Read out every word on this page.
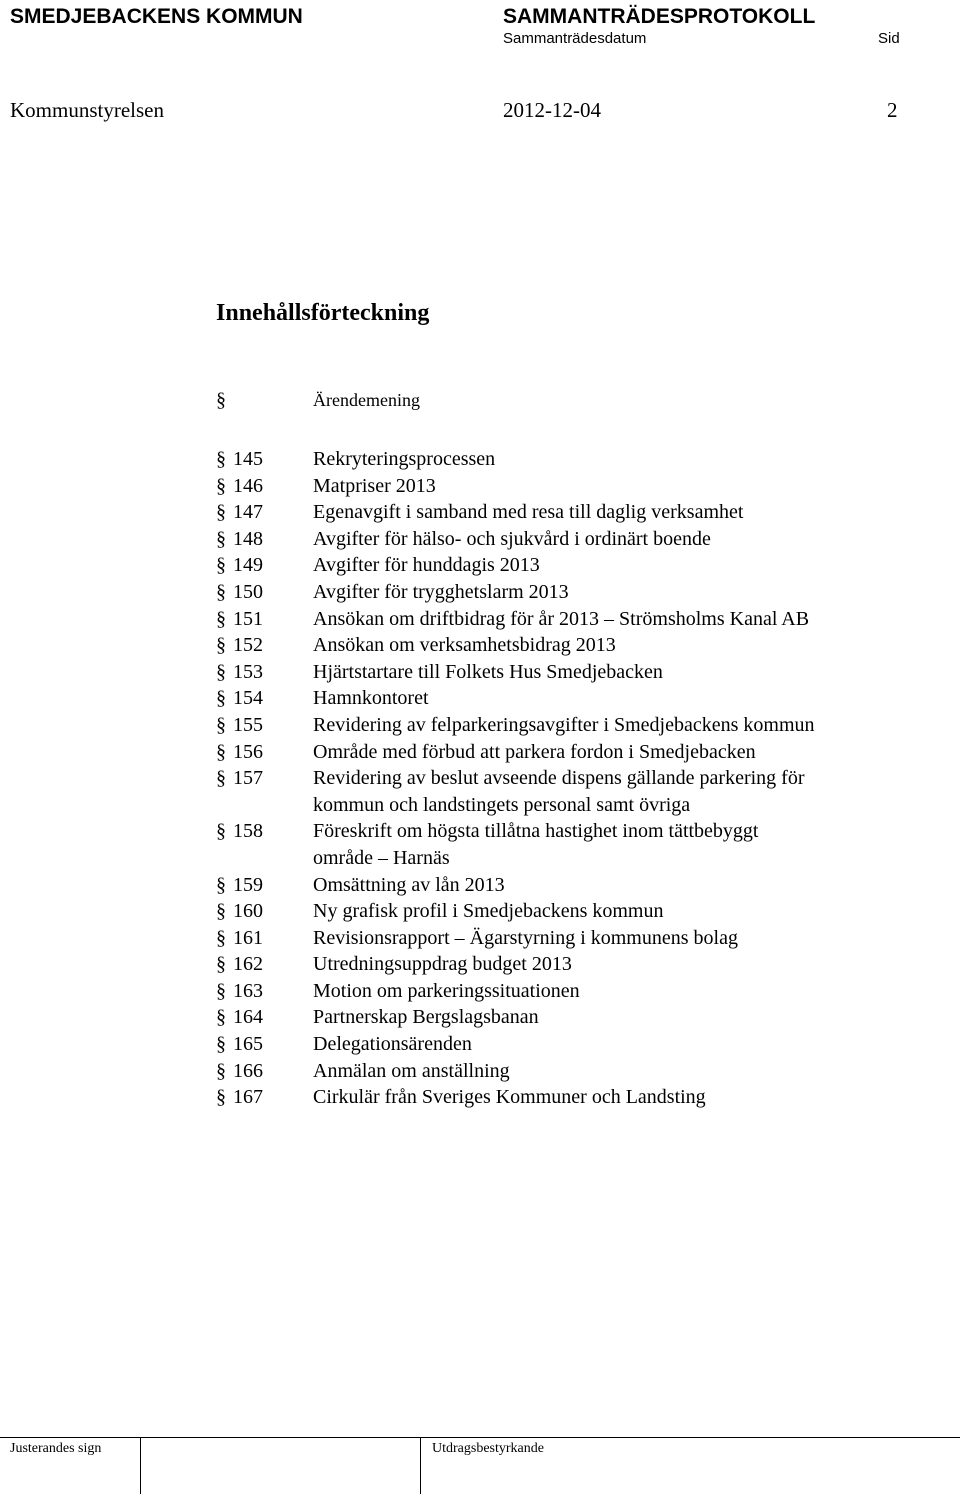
SMEDJEBACKENS KOMMUN	SAMMANTRÄDESPROTOKOLL
Sammanträdesdatum	Sid
Kommunstyrelsen	2012-12-04	2
Innehållsförteckning
§	Ärendemening
§ 145	Rekryteringsprocessen
§ 146	Matpriser 2013
§ 147	Egenavgift i samband med resa till daglig verksamhet
§ 148	Avgifter för hälso- och sjukvård i ordinärt boende
§ 149	Avgifter för hunddagis 2013
§ 150	Avgifter för trygghetslarm 2013
§ 151	Ansökan om driftbidrag för år 2013 – Strömsholms Kanal AB
§ 152	Ansökan om verksamhetsbidrag 2013
§ 153	Hjärtstartare till Folkets Hus Smedjebacken
§ 154	Hamnkontoret
§ 155	Revidering av felparkeringsavgifter i Smedjebackens kommun
§ 156	Område med förbud att parkera fordon i Smedjebacken
§ 157	Revidering av beslut avseende dispens gällande parkering för
kommun och landstingets personal samt övriga
§ 158	Föreskrift om högsta tillåtna hastighet inom tättbebyggt
område – Harnäs
§ 159	Omsättning av lån 2013
§ 160	Ny grafisk profil i Smedjebackens kommun
§ 161	Revisionsrapport – Ägarstyrning i kommunens bolag
§ 162	Utredningsuppdrag budget 2013
§ 163	Motion om parkeringssituationen
§ 164	Partnerskap Bergslagsbanan
§ 165	Delegationsärenden
§ 166	Anmälan om anställning
§ 167	Cirkulär från Sveriges Kommuner och Landsting
Justerandes sign	Utdragsbestyrkande
